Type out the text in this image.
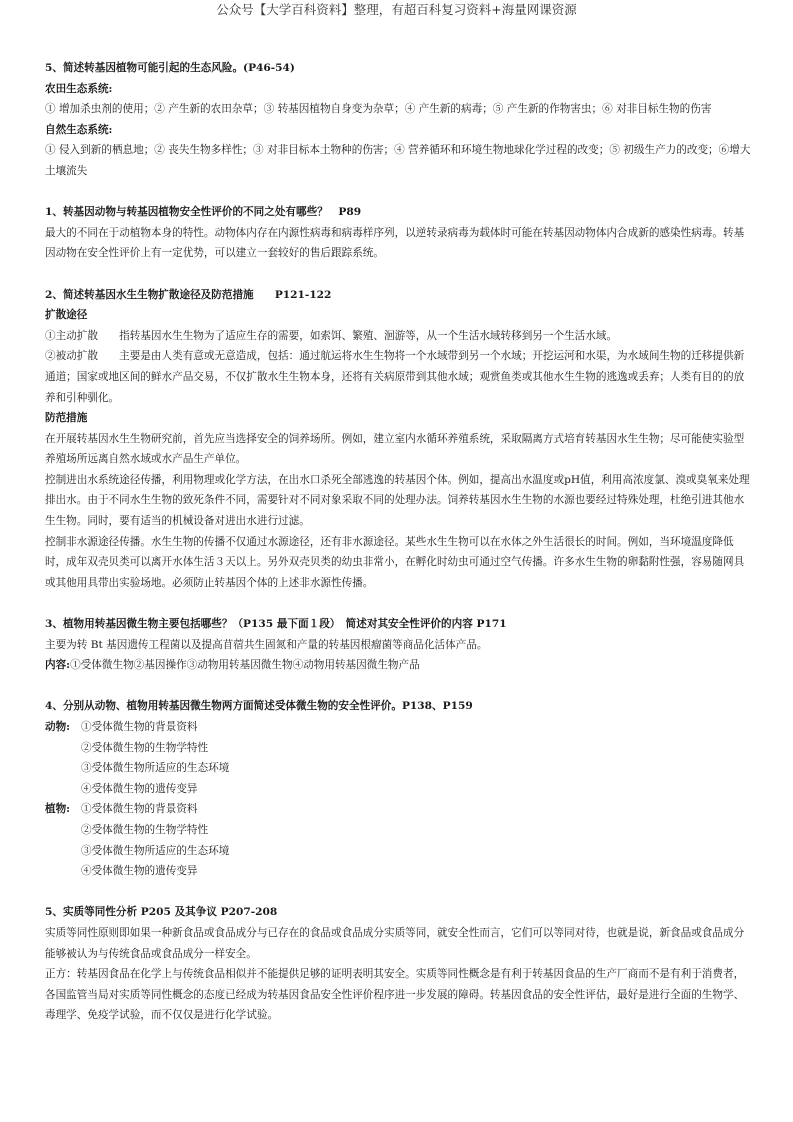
公众号【大学百科资料】整理，有超百科复习资料+海量网课资源

5、简述转基因植物可能引起的生态风险。(P46-54)

农田生态系统:

① 增加杀虫剂的使用；② 产生新的农田杂草；③ 转基因植物自身变为杂草；④ 产生新的病毒；⑤ 产生新的作物害虫；⑥ 对非目标生物的伤害

自然生态系统:

① 侵入到新的栖息地；② 丧失生物多样性；③ 对非目标本土物种的伤害；④ 营养循环和环境生物地球化学过程的改变；⑤ 初级生产力的改变；⑥增大土壤流失

1、转基因动物与转基因植物安全性评价的不同之处有哪些？　P89

最大的不同在于动植物本身的特性。动物体内存在内源性病毒和病毒样序列，以逆转录病毒为载体时可能在转基因动物体内合成新的感染性病毒。转基因动物在安全性评价上有一定优势，可以建立一套较好的售后跟踪系统。

2、简述转基因水生生物扩散途径及防范措施　　P121-122

扩散途径

①主动扩散   指转基因水生生物为了适应生存的需要，如索饵、繁殖、洄游等，从一个生活水域转移到另一个生活水域。

②被动扩散   主要是由人类有意或无意造成，包括：通过航运将水生生物将一个水域带到另一个水域；开挖运河和水渠，为水域间生物的迁移提供新通道；国家或地区间的鲜水产品交易，不仅扩散水生生物本身，还将有关病原带到其他水域；观赏鱼类或其他水生生物的逃逸或丢弃；人类有目的的放养和引种驯化。

防范措施

在开展转基因水生生物研究前，首先应当选择安全的饲养场所。例如，建立室内水循环养殖系统，采取隔离方式培育转基因水生生物；尽可能使实验型养殖场所远离自然水域或水产品生产单位。

控制进出水系统途径传播，利用物理或化学方法，在出水口杀死全部逃逸的转基因个体。例如，提高出水温度或pH值，利用高浓度氯、溴或臭氧来处理排出水。由于不同水生生物的致死条件不同，需要针对不同对象采取不同的处理办法。饲养转基因水生生物的水源也要经过特殊处理，杜绝引进其他水生生物。同时，要有适当的机械设备对进出水进行过滤。

控制非水源途径传播。水生生物的传播不仅通过水源途径，还有非水源途径。某些水生生物可以在水体之外生活很长的时间。例如，当环境温度降低时，成年双壳贝类可以离开水体生活３天以上。另外双壳贝类的幼虫非常小，在孵化时幼虫可通过空气传播。许多水生生物的卵黏附性强，容易随网具或其他用具带出实验场地。必须防止转基因个体的上述非水源性传播。

3、植物用转基因微生物主要包括哪些？（P135 最下面１段）　简述对其安全性评价的内容 P171

主要为转 Bt 基因遗传工程菌以及提高苜蓿共生固氮和产量的转基因根瘤菌等商品化活体产品。

内容:①受体微生物②基因操作③动物用转基因微生物④动物用转基因微生物产品

4、分别从动物、植物用转基因微生物两方面简述受体微生物的安全性评价。P138、P159

动物:	①受体微生物的背景资料

②受体微生物的生物学特性

③受体微生物所适应的生态环境

④受体微生物的遗传变异

植物:	①受体微生物的背景资料

②受体微生物的生物学特性

③受体微生物所适应的生态环境

④受体微生物的遗传变异

5、实质等同性分析 P205 及其争议 P207-208

实质等同性原则即如果一种新食品或食品成分与已存在的食品或食品成分实质等同，就安全性而言，它们可以等同对待，也就是说，新食品或食品成分能够被认为与传统食品或食品成分一样安全。

正方：转基因食品在化学上与传统食品相似并不能提供足够的证明表明其安全。实质等同性概念是有利于转基因食品的生产厂商而不是有利于消费者，各国监管当局对实质等同性概念的态度已经成为转基因食品安全性评价程序进一步发展的障碍。转基因食品的安全性评估，最好是进行全面的生物学、毒理学、免疫学试验，而不仅仅是进行化学试验。
